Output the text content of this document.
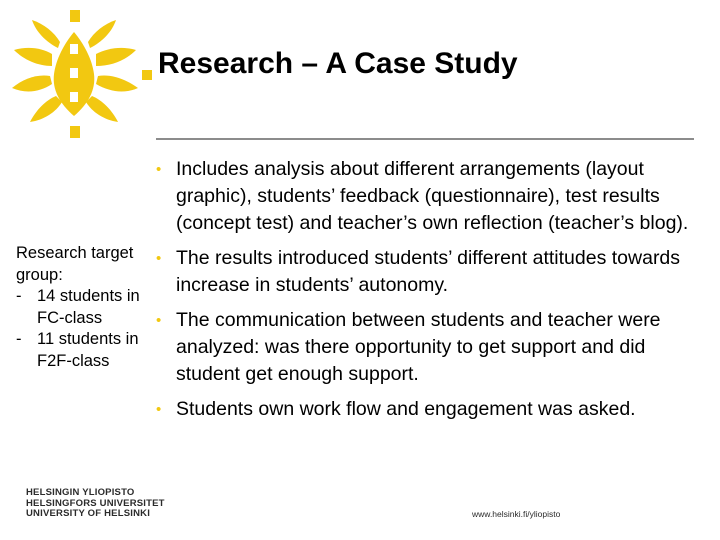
Research – A Case Study
Research target group:
- 14 students in FC-class
- 11 students in F2F-class
• Includes analysis about different arrangements (layout graphic), students’ feedback (questionnaire), test results (concept test) and teacher’s own reflection (teacher’s blog).
• The results introduced students’ different attitudes towards increase in students’ autonomy.
• The communication between students and teacher were analyzed: was there opportunity to get support and did student get enough support.
• Students own work flow and engagement was asked.
HELSINGIN YLIOPISTO
HELSINGFORS UNIVERSITET
UNIVERSITY OF HELSINKI	www.helsinki.fi/yliopisto
